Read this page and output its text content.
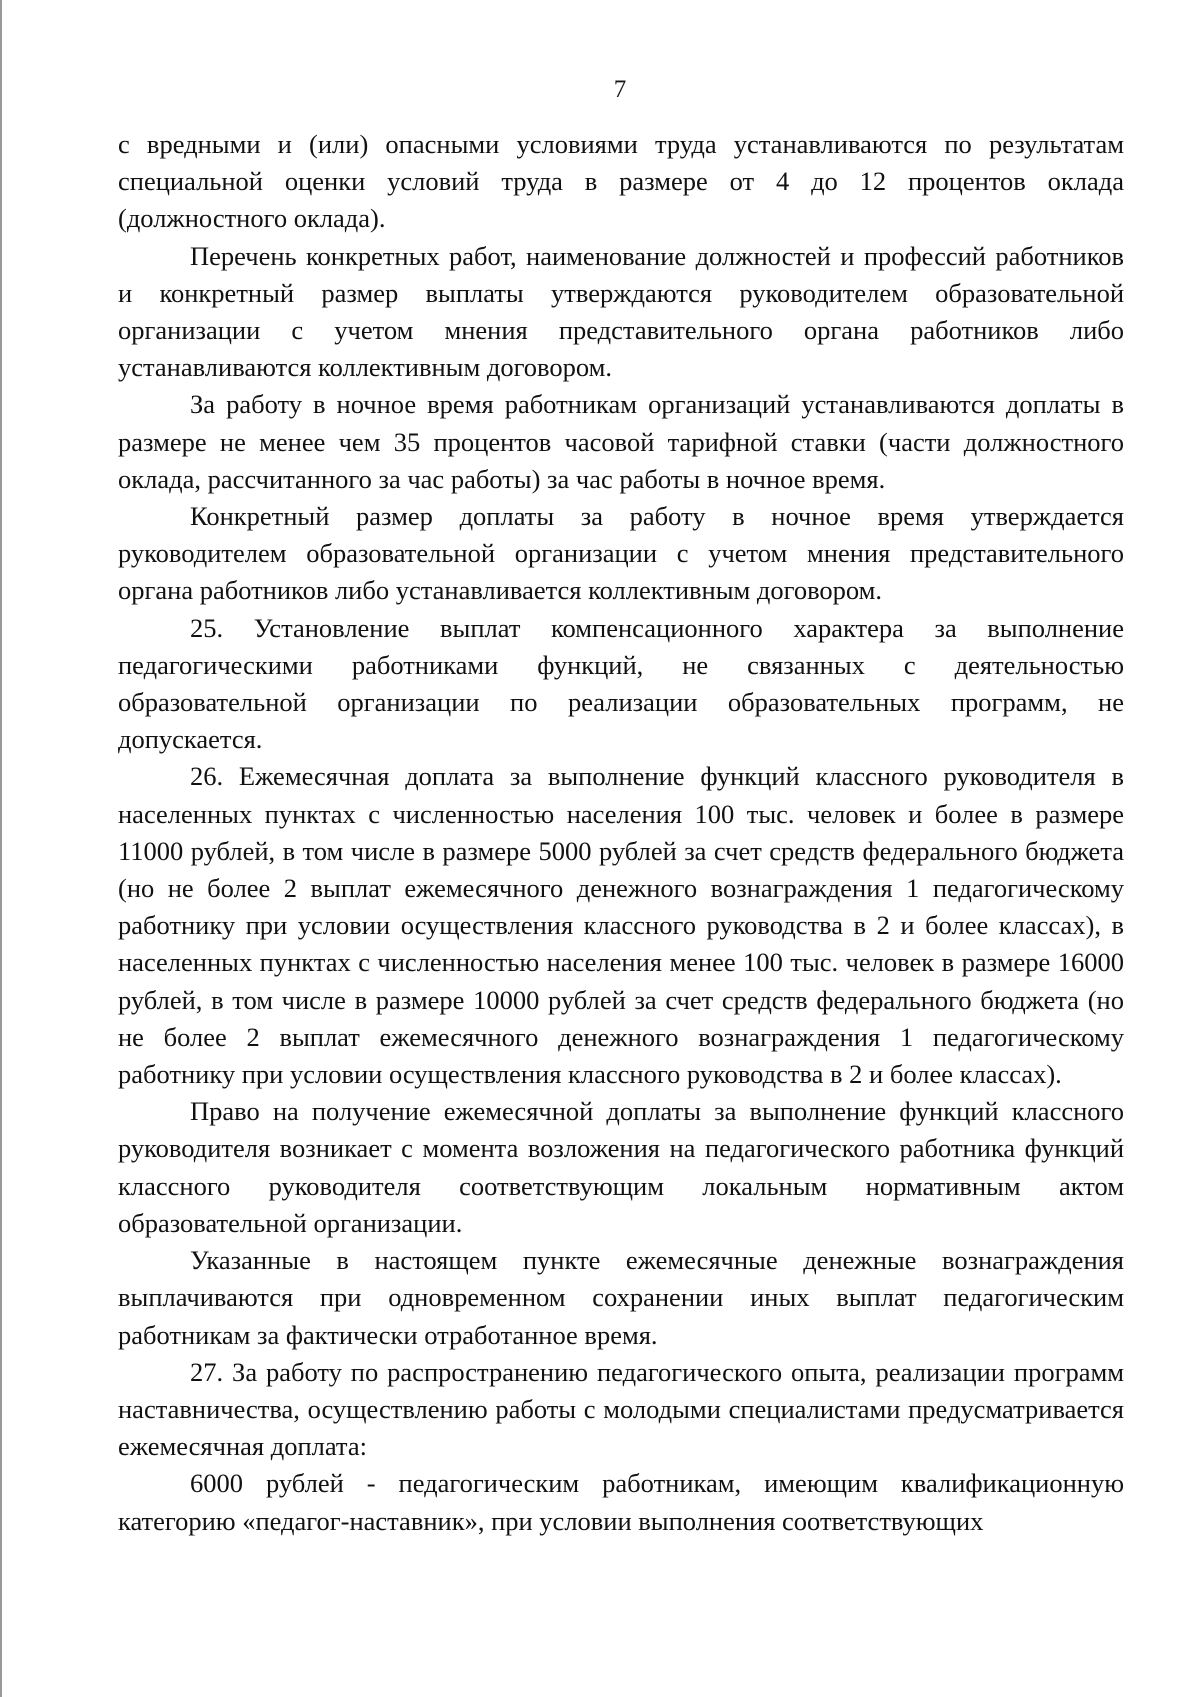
7

с вредными и (или) опасными условиями труда устанавливаются по результатам специальной оценки условий труда в размере от 4 до 12 процентов оклада (должностного оклада).

Перечень конкретных работ, наименование должностей и профессий работников и конкретный размер выплаты утверждаются руководителем образовательной организации с учетом мнения представительного органа работников либо устанавливаются коллективным договором.

За работу в ночное время работникам организаций устанавливаются доплаты в размере не менее чем 35 процентов часовой тарифной ставки (части должностного оклада, рассчитанного за час работы) за час работы в ночное время.

Конкретный размер доплаты за работу в ночное время утверждается руководителем образовательной организации с учетом мнения представительного органа работников либо устанавливается коллективным договором.

25. Установление выплат компенсационного характера за выполнение педагогическими работниками функций, не связанных с деятельностью образовательной организации по реализации образовательных программ, не допускается.

26. Ежемесячная доплата за выполнение функций классного руководителя в населенных пунктах с численностью населения 100 тыс. человек и более в размере 11000 рублей, в том числе в размере 5000 рублей за счет средств федерального бюджета (но не более 2 выплат ежемесячного денежного вознаграждения 1 педагогическому работнику при условии осуществления классного руководства в 2 и более классах), в населенных пунктах с численностью населения менее 100 тыс. человек в размере 16000 рублей, в том числе в размере 10000 рублей за счет средств федерального бюджета (но не более 2 выплат ежемесячного денежного вознаграждения 1 педагогическому работнику при условии осуществления классного руководства в 2 и более классах).

Право на получение ежемесячной доплаты за выполнение функций классного руководителя возникает с момента возложения на педагогического работника функций классного руководителя соответствующим локальным нормативным актом образовательной организации.

Указанные в настоящем пункте ежемесячные денежные вознаграждения выплачиваются при одновременном сохранении иных выплат педагогическим работникам за фактически отработанное время.

27. За работу по распространению педагогического опыта, реализации программ наставничества, осуществлению работы с молодыми специалистами предусматривается ежемесячная доплата:

6000 рублей - педагогическим работникам, имеющим квалификационную категорию «педагог-наставник», при условии выполнения соответствующих
